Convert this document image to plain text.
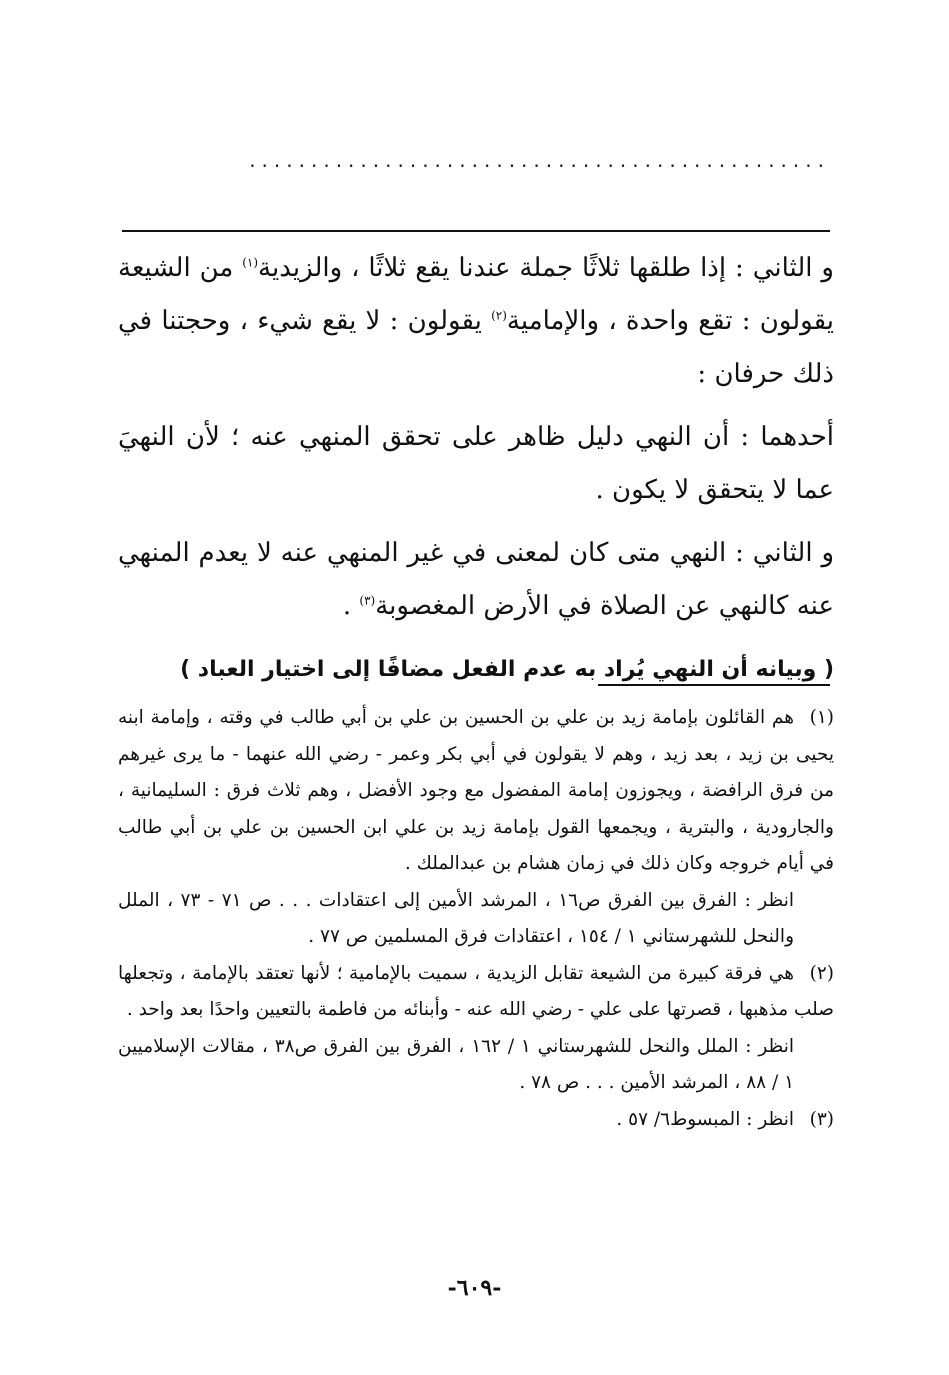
...............................................

و الثاني : إذا طلقها ثلاثًا جملة عندنا يقع ثلاثًا ، والزيدية$^{(١)}$ من الشيعة يقولون : تقع واحدة ، والإمامية$^{(٢)}$ يقولون : لا يقع شيء ، وحجتنا في ذلك حرفان :

أحدهما : أن النهي دليل ظاهر على تحقق المنهي عنه ؛ لأن النهيَ عما لا يتحقق لا يكون .

و الثاني : النهي متى كان لمعنى في غير المنهي عنه لا يعدم المنهي عنه كالنهي عن الصلاة في الأرض المغصوبة$^{(٣)}$ .

( وبيانه أن النهي يُراد به عدم الفعل مضافًا إلى اختيار العباد )

(١)هم القائلون بإمامة زيد بن علي بن الحسين بن علي بن أبي طالب في وقته ، وإمامة ابنه يحيى بن زيد ، بعد زيد ، وهم لا يقولون في أبي بكر وعمر - رضي الله عنهما - ما يرى غيرهم من فرق الرافضة ، ويجوزون إمامة المفضول مع وجود الأفضل ، وهم ثلاث فرق : السليمانية ، والجارودية ، والبترية ، ويجمعها القول بإمامة زيد بن علي ابن الحسين بن علي بن أبي طالب في أيام خروجه وكان ذلك في زمان هشام بن عبدالملك .

انظر : الفرق بين الفرق ص١٦ ، المرشد الأمين إلى اعتقادات . . . ص ٧١ - ٧٣ ، الملل والنحل للشهرستاني ١ / ١٥٤ ، اعتقادات فرق المسلمين ص ٧٧ .

(٢)هي فرقة كبيرة من الشيعة تقابل الزيدية ، سميت بالإمامية ؛ لأنها تعتقد بالإمامة ، وتجعلها صلب مذهبها ، قصرتها على علي - رضي الله عنه - وأبنائه من فاطمة بالتعيين واحدًا بعد واحد .

انظر : الملل والنحل للشهرستاني ١ / ١٦٢ ، الفرق بين الفرق ص٣٨ ، مقالات الإسلاميين ١ / ٨٨ ، المرشد الأمين . . . ص ٧٨ .

(٣)انظر : المبسوط٦/ ٥٧ .

-٦٠٩-
